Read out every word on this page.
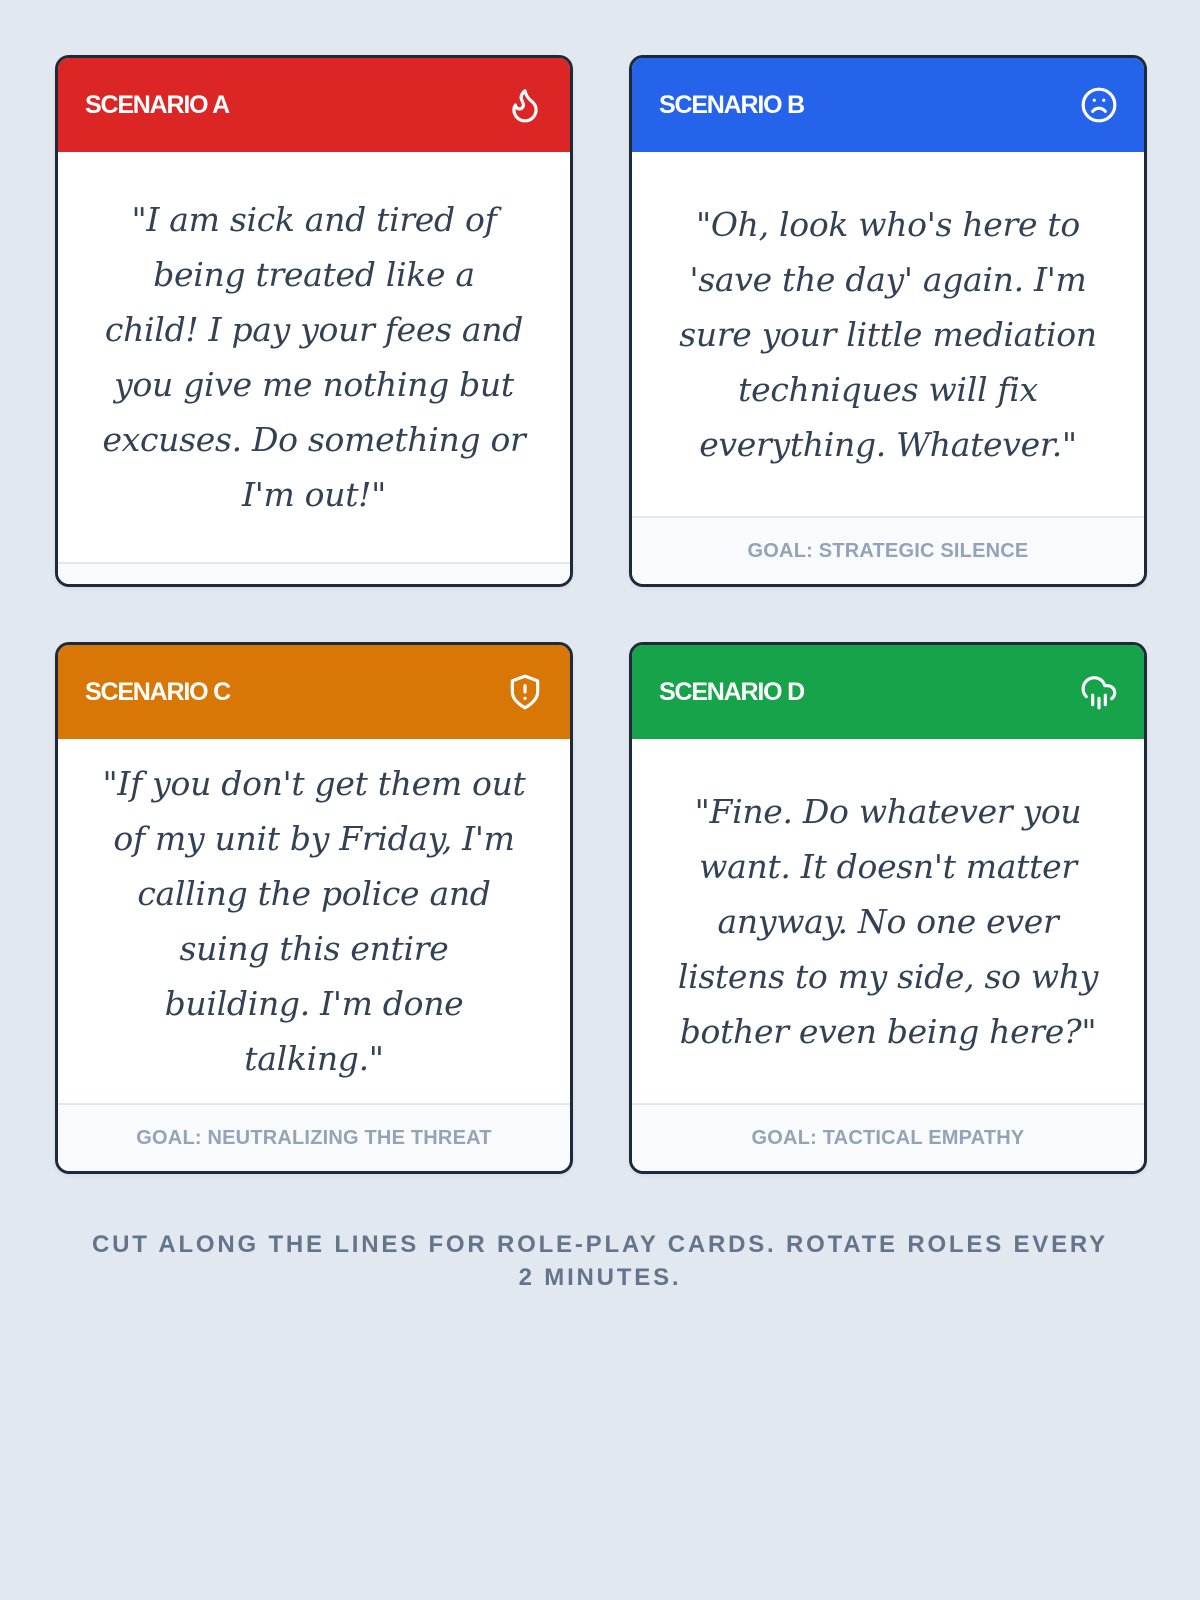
SCENARIO A

"I am sick and tired of being treated like a child! I pay your fees and you give me nothing but excuses. Do something or I'm out!"

SCENARIO B

"Oh, look who's here to 'save the day' again. I'm sure your little mediation techniques will fix everything. Whatever."

GOAL: STRATEGIC SILENCE
SCENARIO C

"If you don't get them out of my unit by Friday, I'm calling the police and suing this entire building. I'm done talking."

GOAL: NEUTRALIZING THE THREAT
SCENARIO D

"Fine. Do whatever you want. It doesn't matter anyway. No one ever listens to my side, so why bother even being here?"

GOAL: TACTICAL EMPATHY
CUT ALONG THE LINES FOR ROLE-PLAY CARDS. ROTATE ROLES EVERY 2 MINUTES.
